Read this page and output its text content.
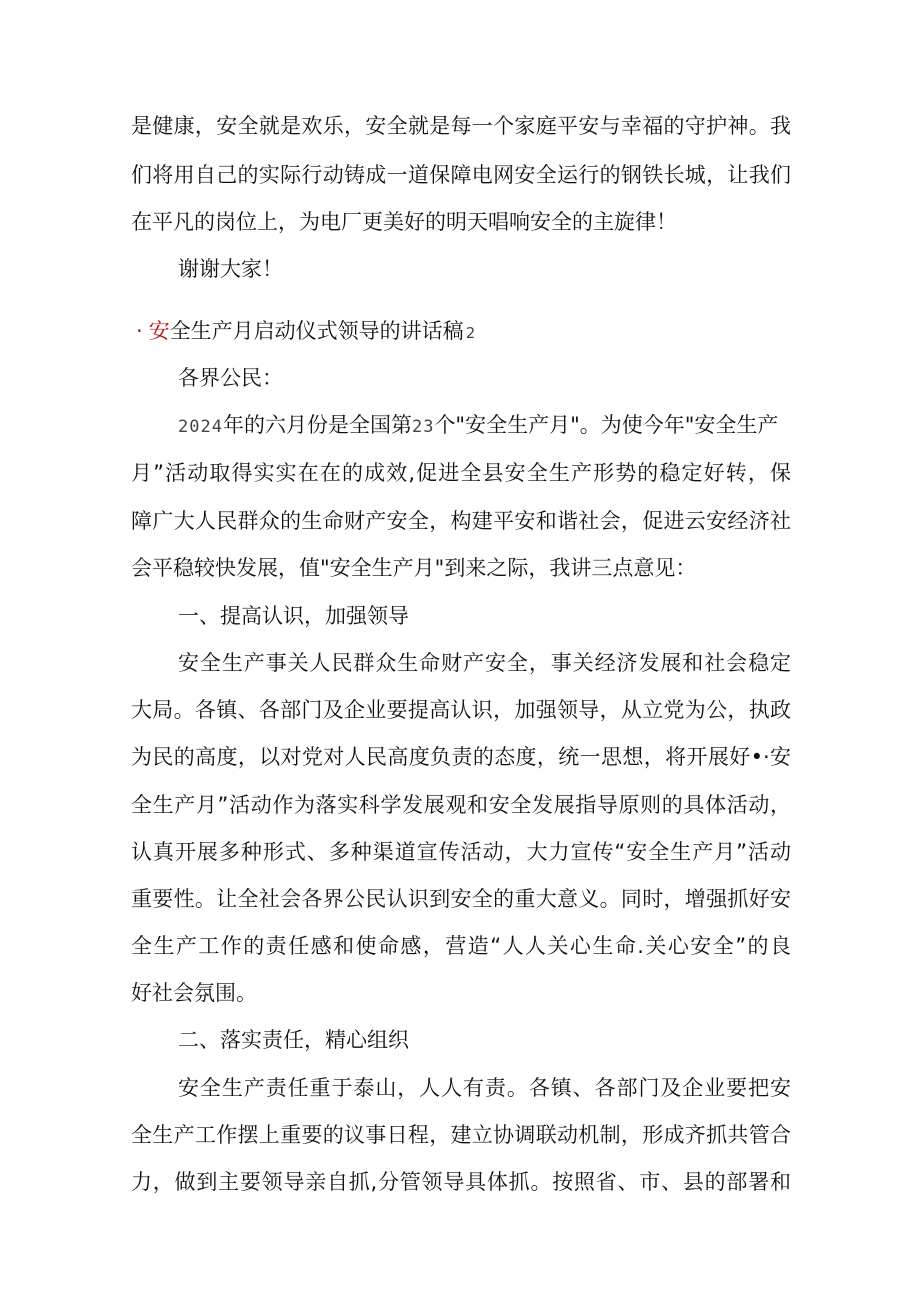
是健康，安全就是欢乐，安全就是每一个家庭平安与幸福的守护神。我
们将用自己的实际行动铸成一道保障电网安全运行的钢铁长城，让我们
在平凡的岗位上，为电厂更美好的明天唱响安全的主旋律！
谢谢大家！
· 安全生产月启动仪式领导的讲话稿 2
各界公民：
2024年的六月份是全国第23个"安全生产月"。为使今年"安全生产
月”活动取得实实在在的成效,促进全县安全生产形势的稳定好转，保
障广大人民群众的生命财产安全，构建平安和谐社会，促进云安经济社
会平稳较快发展，值"安全生产月"到来之际，我讲三点意见：
一、提高认识，加强领导
安全生产事关人民群众生命财产安全，事关经济发展和社会稳定
大局。各镇、各部门及企业要提高认识，加强领导，从立党为公，执政
为民的高度，以对党对人民高度负责的态度，统一思想，将开展好•·安
全生产月”活动作为落实科学发展观和安全发展指导原则的具体活动，
认真开展多种形式、多种渠道宣传活动，大力宣传“安全生产月”活动
重要性。让全社会各界公民认识到安全的重大意义。同时，增强抓好安
全生产工作的责任感和使命感，营造“人人关心生命.关心安全”的良
好社会氛围。
二、落实责任，精心组织
安全生产责任重于泰山，人人有责。各镇、各部门及企业要把安
全生产工作摆上重要的议事日程，建立协调联动机制，形成齐抓共管合
力，做到主要领导亲自抓,分管领导具体抓。按照省、市、县的部署和
